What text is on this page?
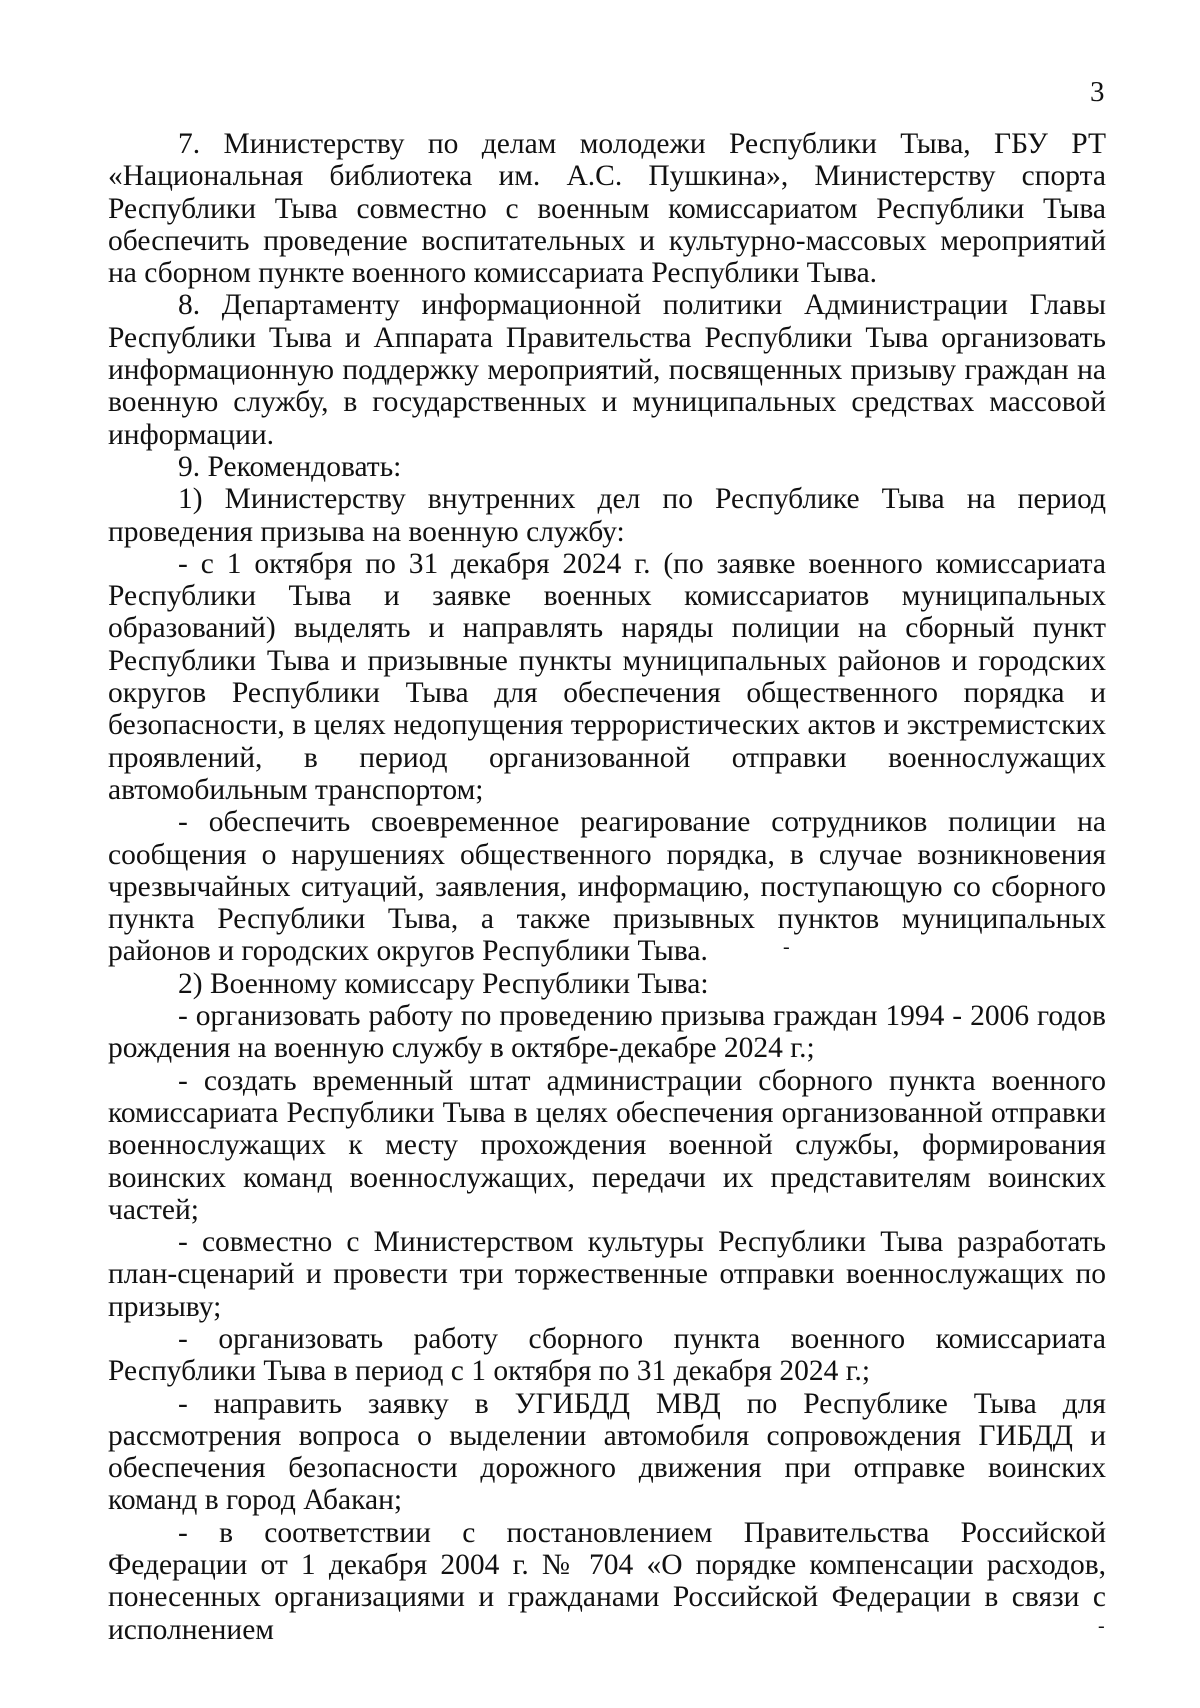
3

7. Министерству по делам молодежи Республики Тыва, ГБУ РТ «Национальная библиотека им. А.С. Пушкина», Министерству спорта Республики Тыва совместно с военным комиссариатом Республики Тыва обеспечить проведение воспитательных и культурно-массовых мероприятий на сборном пункте военного комиссариата Республики Тыва.

8. Департаменту информационной политики Администрации Главы Республики Тыва и Аппарата Правительства Республики Тыва организовать информационную поддержку мероприятий, посвященных призыву граждан на военную службу, в государственных и муниципальных средствах массовой информации.

9. Рекомендовать:

1) Министерству внутренних дел по Республике Тыва на период проведения призыва на военную службу:

- с 1 октября по 31 декабря 2024 г. (по заявке военного комиссариата Республики Тыва и заявке военных комиссариатов муниципальных образований) выделять и направлять наряды полиции на сборный пункт Республики Тыва и призывные пункты муниципальных районов и городских округов Республики Тыва для обеспечения общественного порядка и безопасности, в целях недопущения террористических актов и экстремистских проявлений, в период организованной отправки военнослужащих автомобильным транспортом;

- обеспечить своевременное реагирование сотрудников полиции на сообщения о нарушениях общественного порядка, в случае возникновения чрезвычайных ситуаций, заявления, информацию, поступающую со сборного пункта Республики Тыва, а также призывных пунктов муниципальных районов и городских округов Республики Тыва.

2) Военному комиссару Республики Тыва:

- организовать работу по проведению призыва граждан 1994 - 2006 годов рождения на военную службу в октябре-декабре 2024 г.;

- создать временный штат администрации сборного пункта военного комиссариата Республики Тыва в целях обеспечения организованной отправки военнослужащих к месту прохождения военной службы, формирования воинских команд военнослужащих, передачи их представителям воинских частей;

- совместно с Министерством культуры Республики Тыва разработать план-сценарий и провести три торжественные отправки военнослужащих по призыву;

- организовать работу сборного пункта военного комиссариата Республики Тыва в период с 1 октября по 31 декабря 2024 г.;

- направить заявку в УГИБДД МВД по Республике Тыва для рассмотрения вопроса о выделении автомобиля сопровождения ГИБДД и обеспечения безопасности дорожного движения при отправке воинских команд в город Абакан;

- в соответствии с постановлением Правительства Российской Федерации от 1 декабря 2004 г. № 704 «О порядке компенсации расходов, понесенных организациями и гражданами Российской Федерации в связи с исполнением

-
-
